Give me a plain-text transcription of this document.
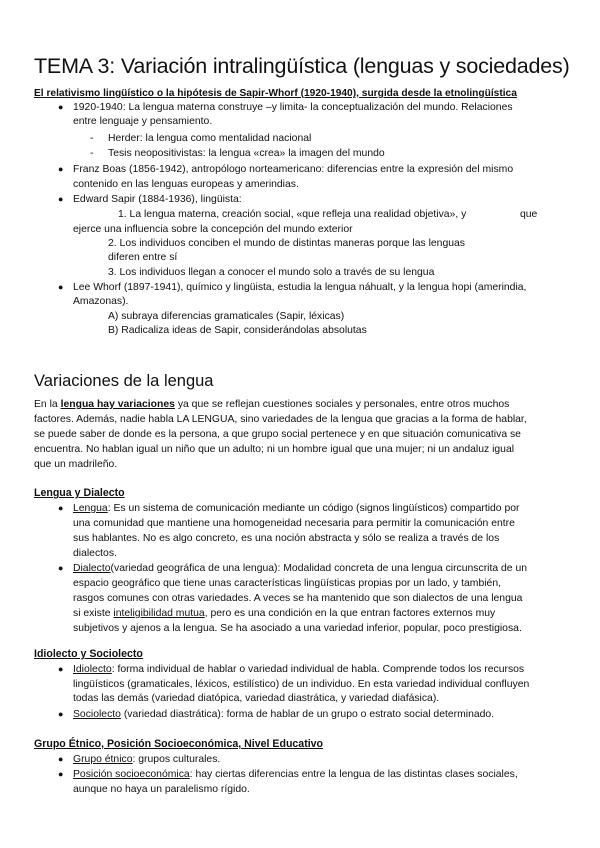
TEMA 3: Variación intralingüística (lenguas y sociedades)
El relativismo lingüístico o la hipótesis de Sapir-Whorf (1920-1940), surgida desde la etnolingüística
● 1920-1940: La lengua materna construye –y limita- la conceptualización del mundo. Relaciones
entre lenguaje y pensamiento.
- Herder: la lengua como mentalidad nacional
- Tesis neopositivistas: la lengua «crea» la imagen del mundo
● Franz Boas (1856-1942), antropólogo norteamericano: diferencias entre la expresión del mismo
contenido en las lenguas europeas y amerindias.
● Edward Sapir (1884-1936), lingüista:
1. La lengua materna, creación social, «que refleja una realidad objetiva», y	que
ejerce una influencia sobre la concepción del mundo exterior
2. Los individuos conciben el mundo de distintas maneras porque las lenguas
diferen entre sí
3. Los individuos llegan a conocer el mundo solo a través de su lengua
● Lee Whorf (1897-1941), químico y lingüista, estudia la lengua náhualt, y la lengua hopi (amerindia,
Amazonas).
A) subraya diferencias gramaticales (Sapir, léxicas)
B) Radicaliza ideas de Sapir, considerándolas absolutas
Variaciones de la lengua
En la lengua hay variaciones ya que se reflejan cuestiones sociales y personales, entre otros muchos
factores. Además, nadie habla LA LENGUA, sino variedades de la lengua que gracias a la forma de hablar,
se puede saber de donde es la persona, a que grupo social pertenece y en que situación comunicativa se
encuentra. No hablan igual un niño que un adulto; ni un hombre igual que una mujer; ni un andaluz igual
que un madrileño.
Lengua y Dialecto
● Lengua: Es un sistema de comunicación mediante un código (signos lingüísticos) compartido por
una comunidad que mantiene una homogeneidad necesaria para permitir la comunicación entre
sus hablantes. No es algo concreto, es una noción abstracta y sólo se realiza a través de los
dialectos.
● Dialecto(variedad geográfica de una lengua): Modalidad concreta de una lengua circunscrita de un
espacio geográfico que tiene unas características lingüísticas propias por un lado, y también,
rasgos comunes con otras variedades. A veces se ha mantenido que son dialectos de una lengua
si existe inteligibilidad mutua, pero es una condición en la que entran factores externos muy
subjetivos y ajenos a la lengua. Se ha asociado a una variedad inferior, popular, poco prestigiosa.
Idiolecto y Sociolecto
● Idiolecto: forma individual de hablar o variedad individual de habla. Comprende todos los recursos
lingüísticos (gramaticales, léxicos, estilístico) de un individuo. En esta variedad individual confluyen
todas las demás (variedad diatópica, variedad diastrática, y variedad diafásica).
● Sociolecto (variedad diastrática): forma de hablar de un grupo o estrato social determinado.
Grupo Étnico, Posición Socioeconómica, Nivel Educativo
● Grupo étnico: grupos culturales.
● Posición socioeconómica: hay ciertas diferencias entre la lengua de las distintas clases sociales,
aunque no haya un paralelismo rígido.
